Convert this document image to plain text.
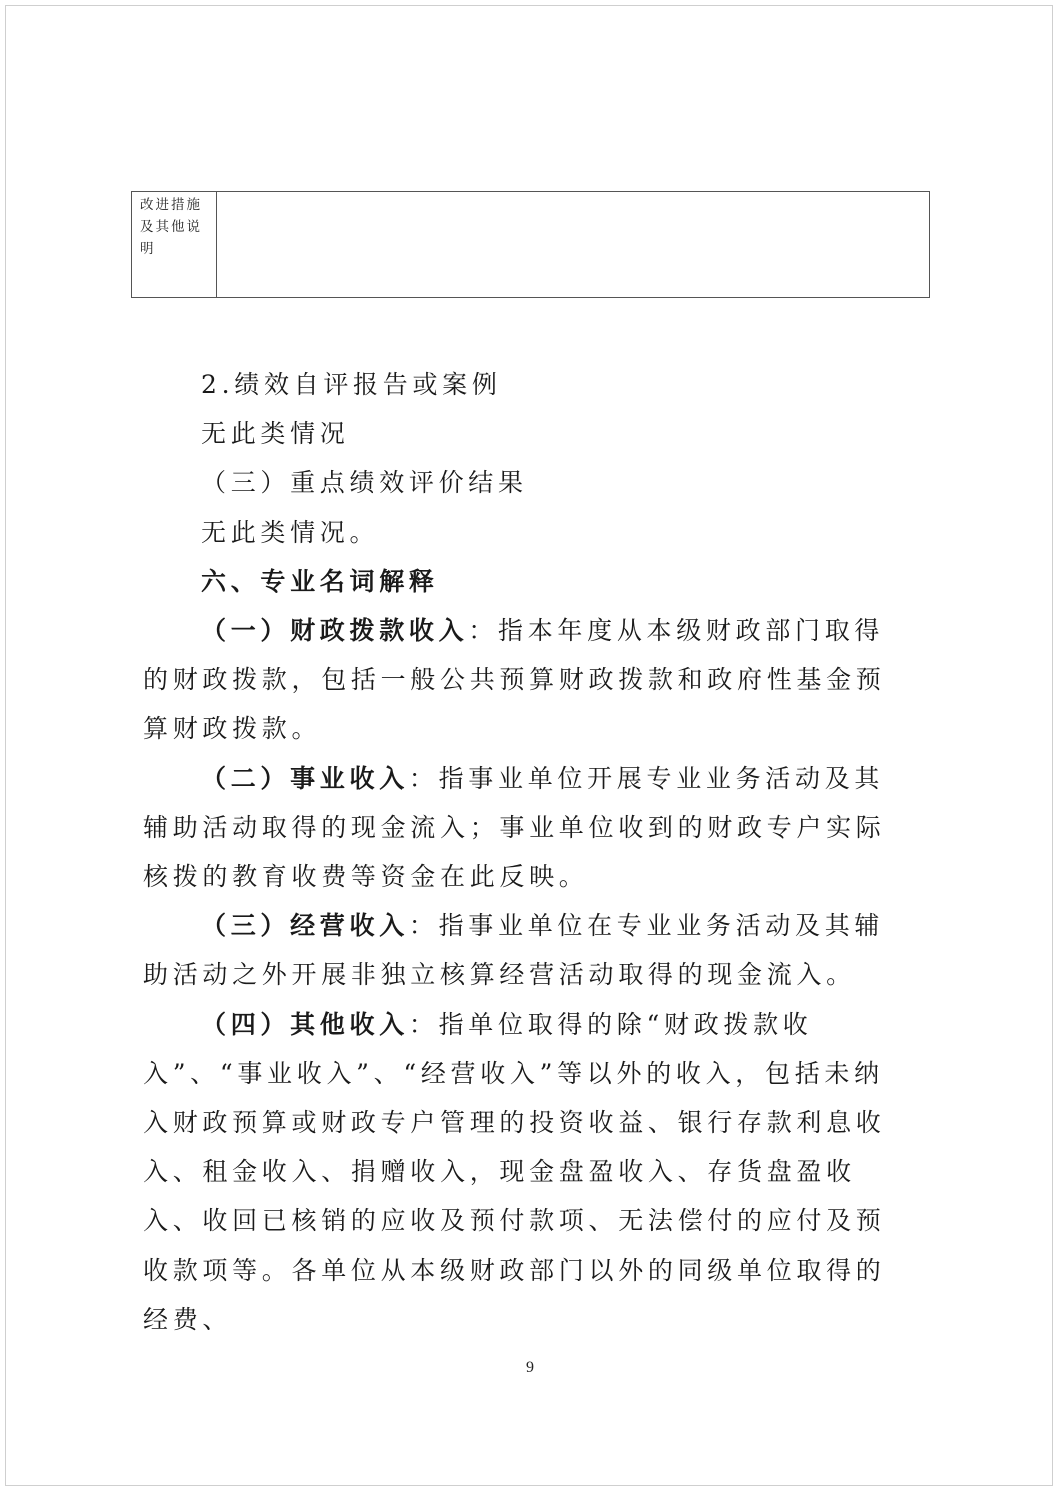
改进措施及其他说明

2.绩效自评报告或案例

无此类情况

（三）重点绩效评价结果

无此类情况。

六、专业名词解释

（一）财政拨款收入：指本年度从本级财政部门取得的财政拨款，包括一般公共预算财政拨款和政府性基金预算财政拨款。

（二）事业收入：指事业单位开展专业业务活动及其辅助活动取得的现金流入；事业单位收到的财政专户实际核拨的教育收费等资金在此反映。

（三）经营收入：指事业单位在专业业务活动及其辅助活动之外开展非独立核算经营活动取得的现金流入。

（四）其他收入：指单位取得的除“财政拨款收入”、“事业收入”、“经营收入”等以外的收入，包括未纳入财政预算或财政专户管理的投资收益、银行存款利息收入、租金收入、捐赠收入，现金盘盈收入、存货盘盈收入、收回已核销的应收及预付款项、无法偿付的应付及预收款项等。各单位从本级财政部门以外的同级单位取得的经费、

9
